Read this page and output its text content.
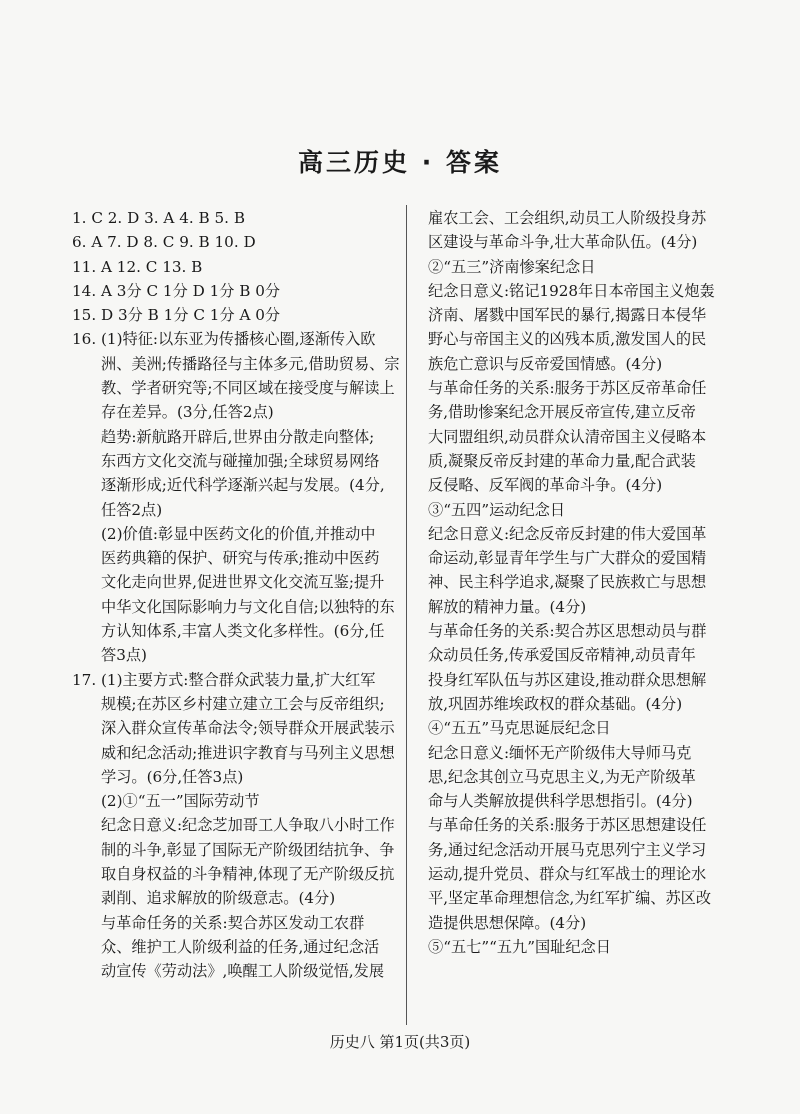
高三历史 · 答案
1. C 2. D 3. A 4. B 5. B
6. A 7. D 8. C 9. B 10. D
11. A 12. C 13. B
14. A 3分 C 1分 D 1分 B 0分
15. D 3分 B 1分 C 1分 A 0分
16. (1)特征:以东亚为传播核心圈,逐渐传入欧
洲、美洲;传播路径与主体多元,借助贸易、宗
教、学者研究等;不同区域在接受度与解读上
存在差异。(3分,任答2点)
趋势:新航路开辟后,世界由分散走向整体;
东西方文化交流与碰撞加强;全球贸易网络
逐渐形成;近代科学逐渐兴起与发展。(4分,
任答2点)
(2)价值:彰显中医药文化的价值,并推动中
医药典籍的保护、研究与传承;推动中医药
文化走向世界,促进世界文化交流互鉴;提升
中华文化国际影响力与文化自信;以独特的东
方认知体系,丰富人类文化多样性。(6分,任
答3点)
17. (1)主要方式:整合群众武装力量,扩大红军
规模;在苏区乡村建立建立工会与反帝组织;
深入群众宣传革命法令;领导群众开展武装示
威和纪念活动;推进识字教育与马列主义思想
学习。(6分,任答3点)
(2)①“五一”国际劳动节
纪念日意义:纪念芝加哥工人争取八小时工作
制的斗争,彰显了国际无产阶级团结抗争、争
取自身权益的斗争精神,体现了无产阶级反抗
剥削、追求解放的阶级意志。(4分)
与革命任务的关系:契合苏区发动工农群
众、维护工人阶级利益的任务,通过纪念活
动宣传《劳动法》,唤醒工人阶级觉悟,发展
雇农工会、工会组织,动员工人阶级投身苏
区建设与革命斗争,壮大革命队伍。(4分)
②“五三”济南惨案纪念日
纪念日意义:铭记1928年日本帝国主义炮轰
济南、屠戮中国军民的暴行,揭露日本侵华
野心与帝国主义的凶残本质,激发国人的民
族危亡意识与反帝爱国情感。(4分)
与革命任务的关系:服务于苏区反帝革命任
务,借助惨案纪念开展反帝宣传,建立反帝
大同盟组织,动员群众认清帝国主义侵略本
质,凝聚反帝反封建的革命力量,配合武装
反侵略、反军阀的革命斗争。(4分)
③“五四”运动纪念日
纪念日意义:纪念反帝反封建的伟大爱国革
命运动,彰显青年学生与广大群众的爱国精
神、民主科学追求,凝聚了民族救亡与思想
解放的精神力量。(4分)
与革命任务的关系:契合苏区思想动员与群
众动员任务,传承爱国反帝精神,动员青年
投身红军队伍与苏区建设,推动群众思想解
放,巩固苏维埃政权的群众基础。(4分)
④“五五”马克思诞辰纪念日
纪念日意义:缅怀无产阶级伟大导师马克
思,纪念其创立马克思主义,为无产阶级革
命与人类解放提供科学思想指引。(4分)
与革命任务的关系:服务于苏区思想建设任
务,通过纪念活动开展马克思列宁主义学习
运动,提升党员、群众与红军战士的理论水
平,坚定革命理想信念,为红军扩编、苏区改
造提供思想保障。(4分)
⑤“五七”“五九”国耻纪念日
历史八 第1页(共3页)
